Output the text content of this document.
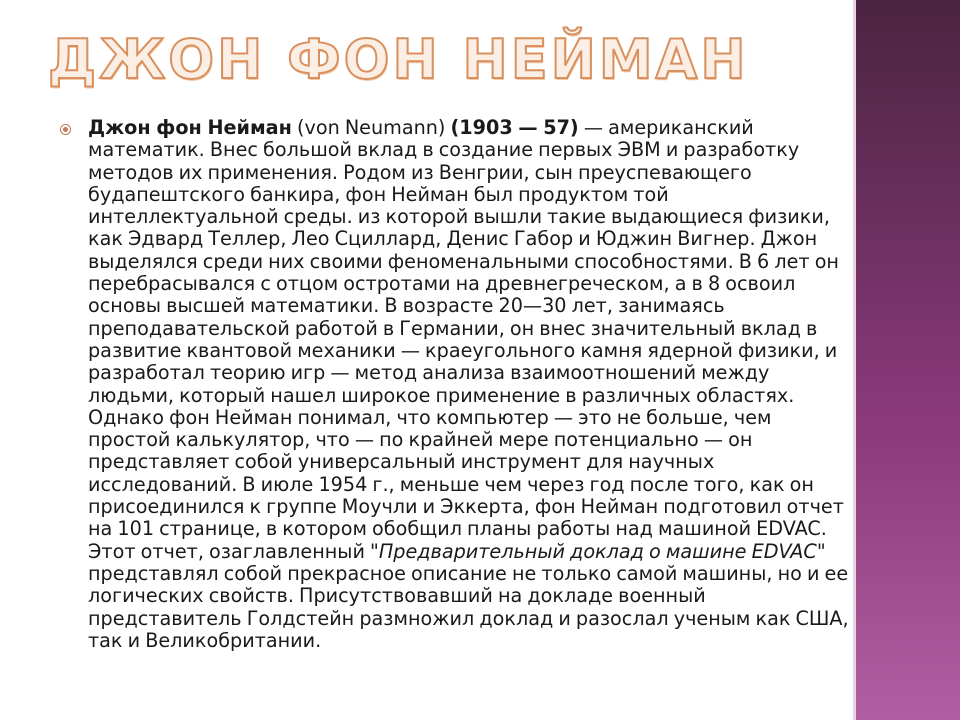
ДЖОН ФОН НЕЙМАН
Джон фон Нейман (von Neumann) (1903 — 57) — американский математик. Внес большой вклад в создание первых ЭВМ и разработку методов их применения. Родом из Венгрии, сын преуспевающего будапештского банкира, фон Нейман был продуктом той интеллектуальной среды. из которой вышли такие выдающиеся физики, как Эдвард Теллер, Лео Сциллард, Денис Габор и Юджин Вигнер. Джон выделялся среди них своими феноменальными способностями. В 6 лет он перебрасывался с отцом остротами на древнегреческом, а в 8 освоил основы высшей математики. В возрасте 20—30 лет, занимаясь преподавательской работой в Германии, он внес значительный вклад в развитие квантовой механики — краеугольного камня ядерной физики, и разработал теорию игр — метод анализа взаимоотношений между людьми, который нашел широкое применение в различных областях. Однако фон Нейман понимал, что компьютер — это не больше, чем простой калькулятор, что — по крайней мере потенциально — он представляет собой универсальный инструмент для научных исследований. В июле 1954 г., меньше чем через год после того, как он присоединился к группе Моучли и Эккерта, фон Нейман подготовил отчет на 101 странице, в котором обобщил планы работы над машиной EDVAC. Этот отчет, озаглавленный "Предварительный доклад о машине EDVAC" представлял собой прекрасное описание не только самой машины, но и ее логических свойств. Присутствовавший на докладе военный представитель Голдстейн размножил доклад и разослал ученым как США, так и Великобритании.
